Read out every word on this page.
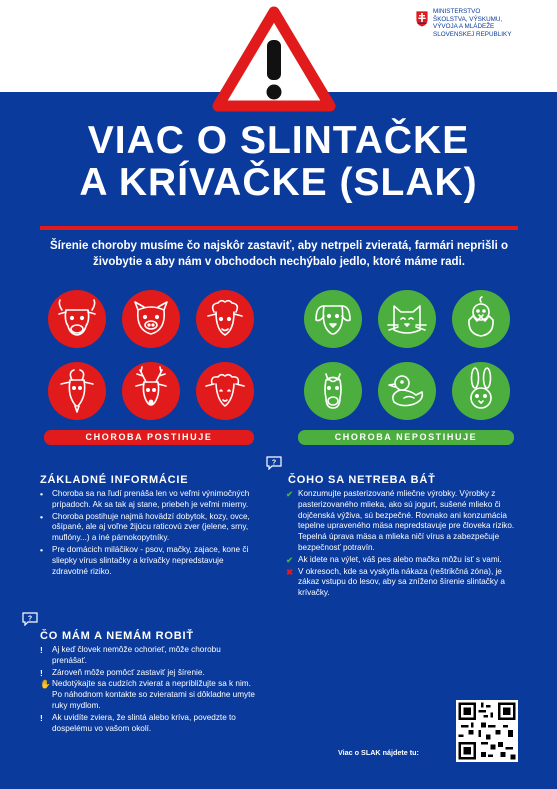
MINISTERSTVO
ŠKOLSTVA, VÝSKUMU,
VÝVOJA A MLÁDEŽE
SLOVENSKEJ REPUBLIKY
VIAC O SLINTAČKE
A KRÍVAČKE (SLAK)
Šírenie choroby musíme čo najskôr zastaviť, aby netrpeli zvieratá, farmári neprišli o živobytie a aby nám v obchodoch nechýbalo jedlo, ktoré máme radi.
CHOROBA POSTIHUJE	CHOROBA NEPOSTIHUJE
ZÁKLADNÉ INFORMÁCIE
• Choroba sa na ľudí prenáša len vo veľmi výnimočných prípadoch. Ak sa tak aj stane, priebeh je veľmi mierny.
• Choroba postihuje najmä hovädzí dobytok, kozy, ovce, ošípané, ale aj voľne žijúcu raticovú zver (jelene, srny, muflóny...) a iné párnokopytníky.
• Pre domácich miláčikov - psov, mačky, zajace, kone či sliepky vírus slintačky a krívačky nepredstavuje zdravotné riziko.
?
?
ČO MÁM A NEMÁM ROBIŤ
! Aj keď človek nemôže ochorieť, môže chorobu prenášať.
! Zároveň môže pomôcť zastaviť jej šírenie.
✋ Nedotýkajte sa cudzích zvierat a nepribližujte sa k nim. Po náhodnom kontakte so zvieratami si dôkladne umyte ruky mydlom.
! Ak uvidíte zviera, že slintá alebo kríva, povedzte to dospelému vo vašom okolí.
ČOHO SA NETREBA BÁŤ
✔ Konzumujte pasterizované mliečne výrobky. Výrobky z pasterizovaného mlieka, ako sú jogurt, sušené mlieko či dojčenská výživa, sú bezpečné. Rovnako ani konzumácia tepelne upraveného mäsa nepredstavuje pre človeka riziko. Tepelná úprava mäsa a mlieka ničí vírus a zabezpečuje bezpečnosť potravín.
✔ Ak idete na výlet, váš pes alebo mačka môžu ísť s vami.
✖ V okresoch, kde sa vyskytla nákaza (reštrikčná zóna), je zákaz vstupu do lesov, aby sa zníženo šírenie slintačky a krívačky.
Viac o SLAK nájdete tu:
